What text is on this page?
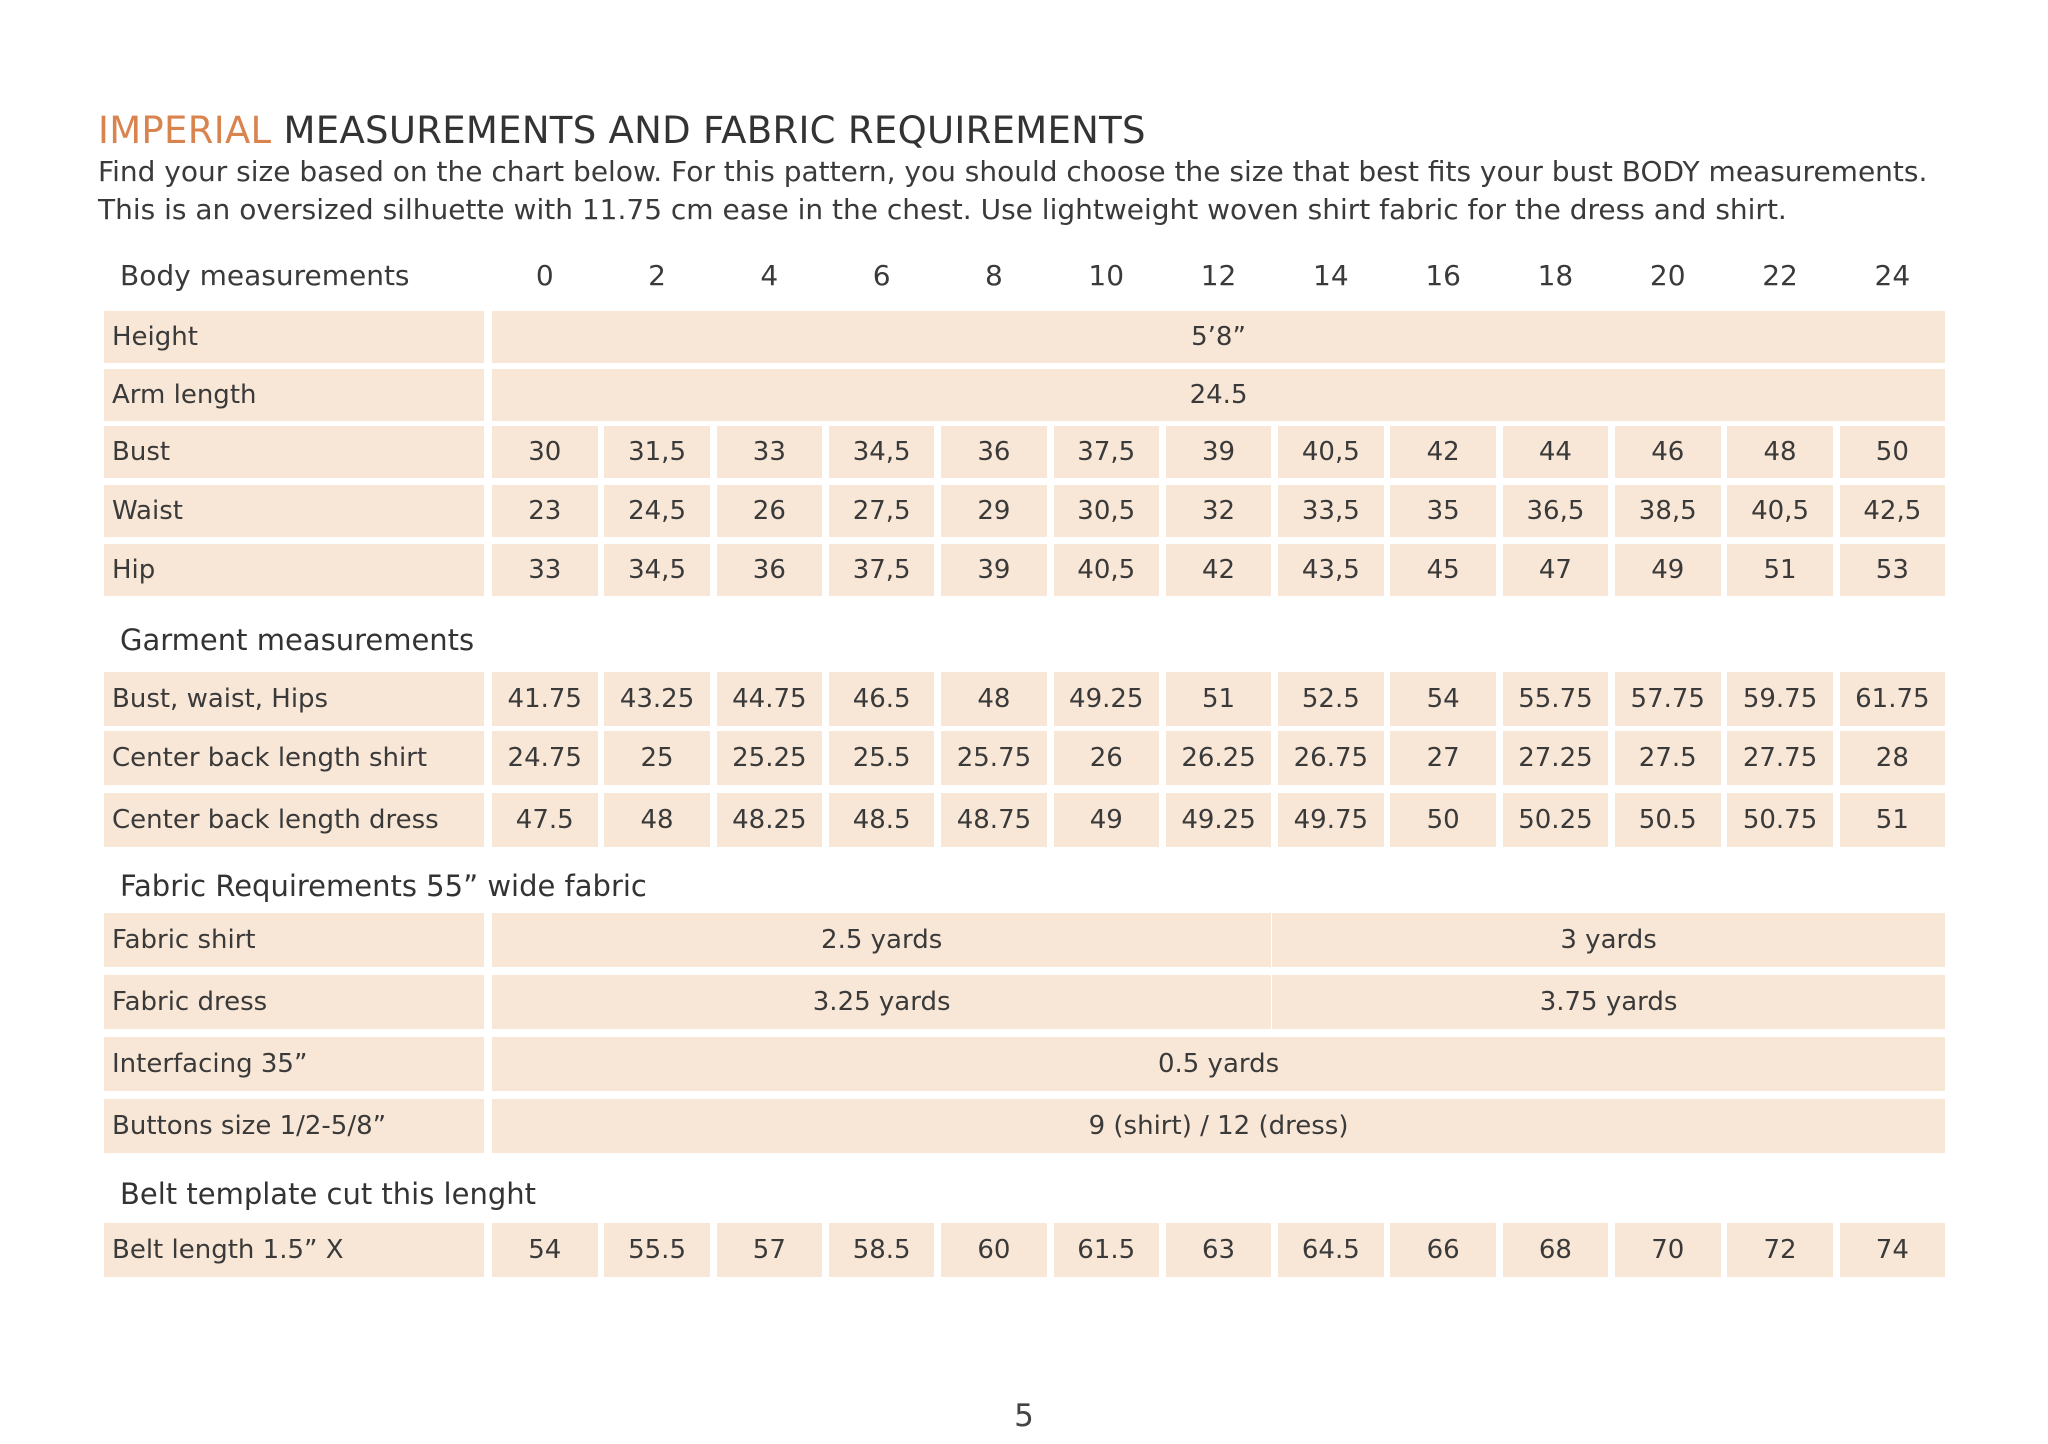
IMPERIAL MEASUREMENTS AND FABRIC REQUIREMENTS
Find your size based on the chart below. For this pattern, you should choose the size that best fits your bust BODY measurements.
This is an oversized silhuette with 11.75 cm ease in the chest. Use lightweight woven shirt fabric for the dress and shirt.
Body measurements	0	2	4	6	8	10	12	14	16	18	20	22	24
Garment measurements
Fabric Requirements 55” wide fabric
Belt template cut this lenght
Height	5’8”
Arm length	24.5
Bust	30	31,5	33	34,5	36	37,5	39	40,5	42	44	46	48	50
Waist	23	24,5	26	27,5	29	30,5	32	33,5	35	36,5	38,5	40,5	42,5
Hip	33	34,5	36	37,5	39	40,5	42	43,5	45	47	49	51	53
Bust, waist, Hips	41.75	43.25	44.75	46.5	48	49.25	51	52.5	54	55.75	57.75	59.75	61.75
Center back length shirt	24.75	25	25.25	25.5	25.75	26	26.25	26.75	27	27.25	27.5	27.75	28
Center back length dress	47.5	48	48.25	48.5	48.75	49	49.25	49.75	50	50.25	50.5	50.75	51
Fabric shirt	2.5 yards	3 yards
Fabric dress	3.25 yards	3.75 yards
Interfacing 35”	0.5 yards
Buttons size 1/2-5/8”	9 (shirt) / 12 (dress)
Belt length 1.5” X	54	55.5	57	58.5	60	61.5	63	64.5	66	68	70	72	74
5
